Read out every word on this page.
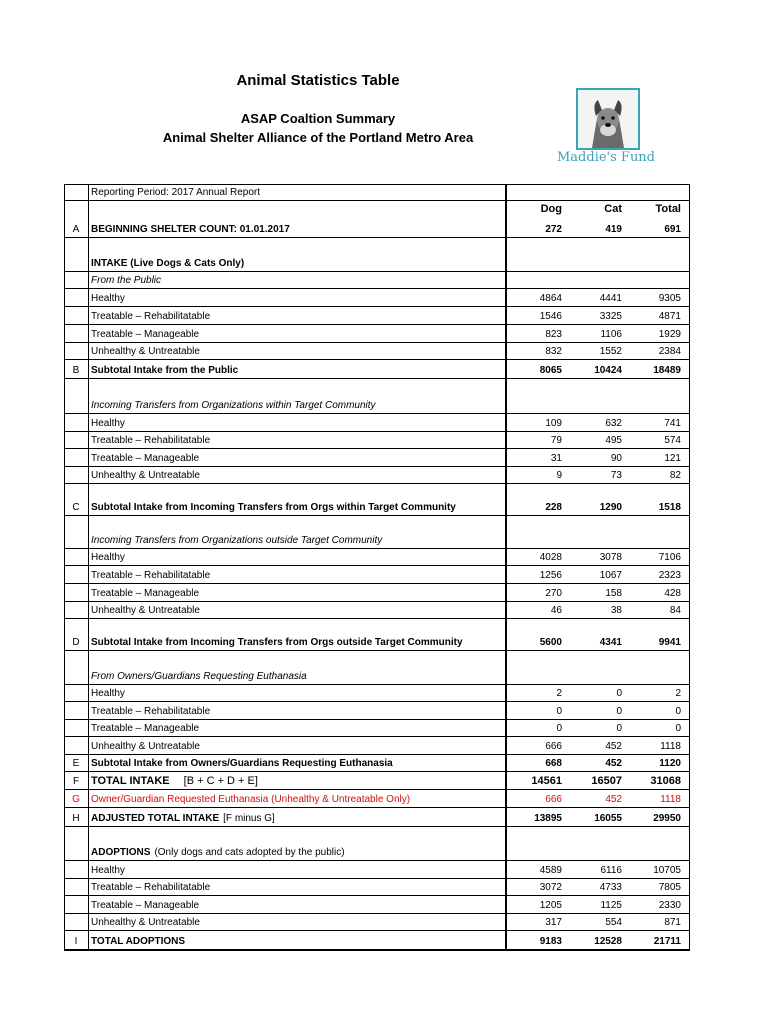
Animal Statistics Table
ASAP Coaltion Summary
Animal Shelter Alliance of the Portland Metro Area
Maddie's Fund
Reporting Period: 2017 Annual Report
Dog	Cat	Total
A	BEGINNING SHELTER COUNT: 01.01.2017	272	419	691
INTAKE (Live Dogs & Cats Only)
From the Public
Healthy	4864	4441	9305
Treatable – Rehabilitatable	1546	3325	4871
Treatable – Manageable	823	1106	1929
Unhealthy & Untreatable	832	1552	2384
B	Subtotal Intake from the Public	8065	10424	18489
Incoming Transfers from Organizations within Target Community
Healthy	109	632	741
Treatable – Rehabilitatable	79	495	574
Treatable – Manageable	31	90	121
Unhealthy & Untreatable	9	73	82
C	Subtotal Intake from Incoming Transfers from Orgs within Target Community	228	1290	1518
Incoming Transfers from Organizations outside Target Community
Healthy	4028	3078	7106
Treatable – Rehabilitatable	1256	1067	2323
Treatable – Manageable	270	158	428
Unhealthy & Untreatable	46	38	84
D	Subtotal Intake from Incoming Transfers from Orgs outside Target Community	5600	4341	9941
From Owners/Guardians Requesting Euthanasia
Healthy	2	0	2
Treatable – Rehabilitatable	0	0	0
Treatable – Manageable	0	0	0
Unhealthy & Untreatable	666	452	1118
E	Subtotal Intake from Owners/Guardians Requesting Euthanasia	668	452	1120
F	TOTAL INTAKE [B + C + D + E]	14561	16507	31068
G	Owner/Guardian Requested Euthanasia (Unhealthy & Untreatable Only)	666	452	1118
H	ADJUSTED TOTAL INTAKE [F minus G]	13895	16055	29950
ADOPTIONS (Only dogs and cats adopted by the public)
Healthy	4589	6116	10705
Treatable – Rehabilitatable	3072	4733	7805
Treatable – Manageable	1205	1125	2330
Unhealthy & Untreatable	317	554	871
I	TOTAL ADOPTIONS	9183	12528	21711
